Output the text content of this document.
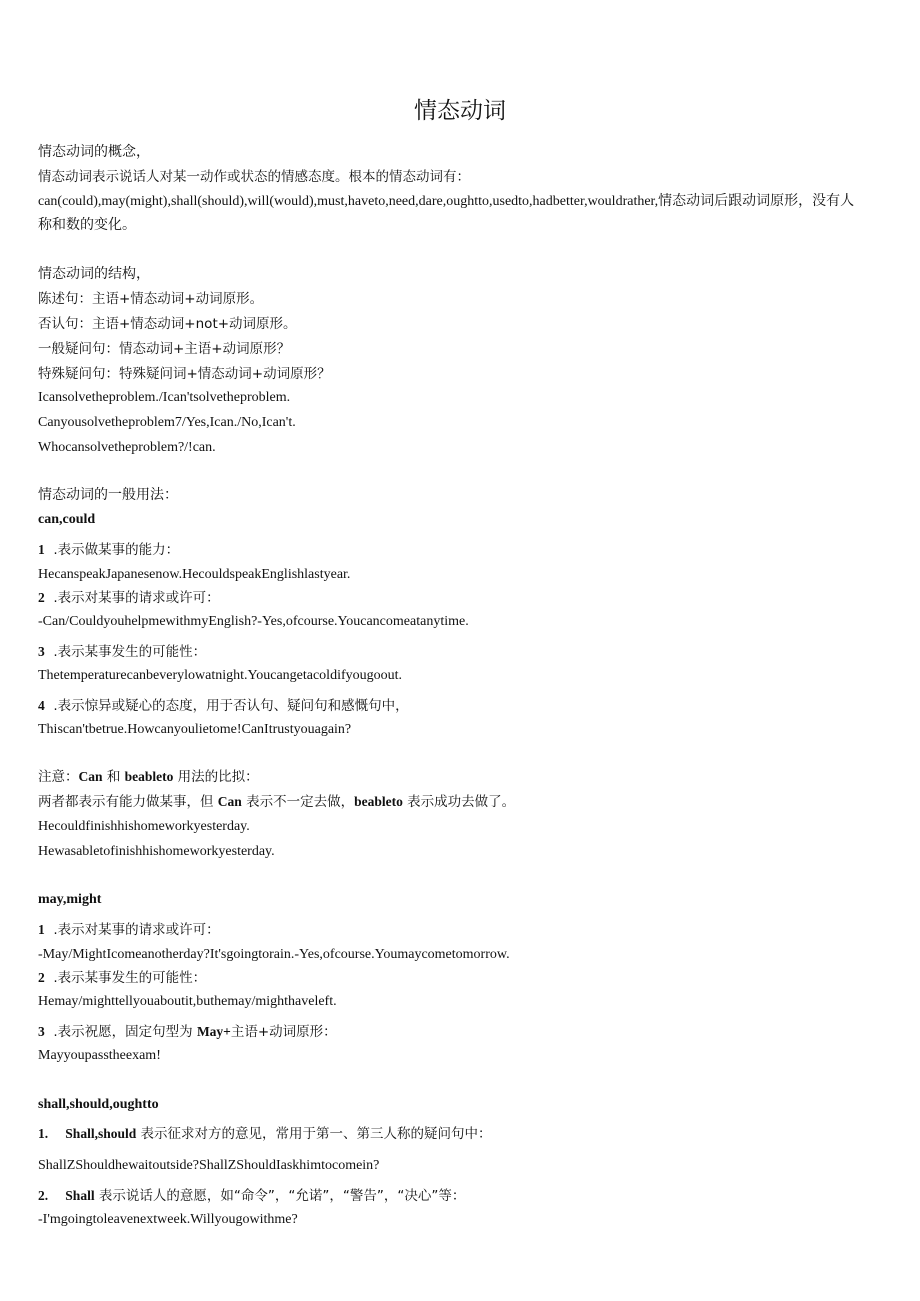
情态动词
情态动词的概念，
情态动词表示说话人对某一动作或状态的情感态度。根本的情态动词有：
can(could),may(might),shall(should),will(would),must,haveto,need,dare,oughtto,usedto,hadbetter,wouldrather,情态动词后跟动词原形，没有人称和数的变化。
情态动词的结构，
陈述句：主语+情态动词+动词原形。
否认句：主语+情态动词+not+动词原形。
一般疑问句：情态动词+主语+动词原形？
特殊疑问句：特殊疑问词+情态动词+动词原形？
Icansolvetheproblem./Ican'tsolvetheproblem.
Canyousolvetheproblem7/Yes,Ican./No,Ican't.
Whocansolvetheproblem?/!can.
情态动词的一般用法：
can,could
1 .表示做某事的能力：
HecanspeakJapanesenow.HecouldspeakEnglishlastyear.
2 .表示对某事的请求或许可：
-Can/CouldyouhelpmewithmyEnglish?-Yes,ofcourse.Youcancomeatanytime.
3 .表示某事发生的可能性：
Thetemperaturecanbeverylowatnight.Youcangetacoldifyougoout.
4 .表示惊异或疑心的态度，用于否认句、疑问句和感慨句中，
Thiscan'tbetrue.Howcanyoulietome!CanItrustyouagain?
注意：Can 和 beableto 用法的比拟：
两者都表示有能力做某事，但 Can 表示不一定去做，beableto 表示成功去做了。
Hecouldfinishhishomeworkyesterday.
Hewasabletofinishhishomeworkyesterday.
may,might
1 .表示对某事的请求或许可：
-May/MightIcomeanotherday?It'sgoingtorain.-Yes,ofcourse.Youmaycometomorrow.
2 .表示某事发生的可能性：
Hemay/mighttellyouaboutit,buthemay/mighthaveleft.
3 .表示祝愿，固定句型为 May+主语+动词原形：
Mayyoupasstheexam!
shall,should,oughtto
1. Shall,should 表示征求对方的意见，常用于第一、第三人称的疑问句中：
ShallZShouldhewaitoutside?ShallZShouldIaskhimtocomein?
2. Shall 表示说话人的意愿，如“命令”，“允诺”，“警告”，“决心”等：
-I'mgoingtoleavenextweek.Willyougowithme?
